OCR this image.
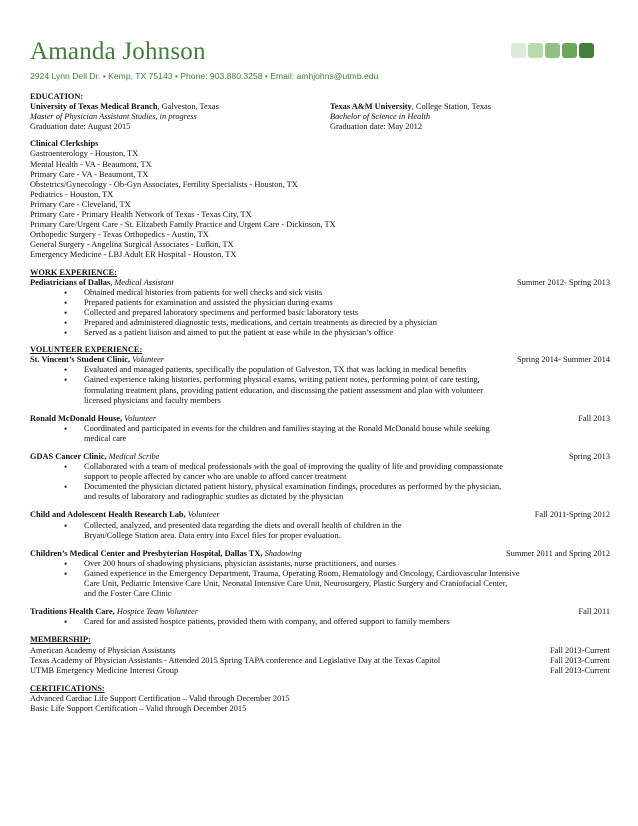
Amanda Johnson
2924 Lynn Dell Dr. • Kemp, TX 75143 • Phone: 903.880.3258 • Email: amhjohns@utmb.edu
EDUCATION:
University of Texas Medical Branch, Galveston, Texas	Texas A&M University, College Station, Texas
Master of Physician Assistant Studies, in progress	Bachelor of Science in Health
Graduation date: August 2015	Graduation date: May 2012
Clinical Clerkships
Gastroenterology - Houston, TX
Mental Health - VA - Beaumont, TX
Primary Care - VA - Beaumont, TX
Obstetrics/Gynecology - Ob-Gyn Associates, Fertility Specialists - Houston, TX
Pediatrics - Houston, TX
Primary Care - Cleveland, TX
Primary Care - Primary Health Network of Texas - Texas City, TX
Primary Care/Urgent Care - St. Elizabeth Family Practice and Urgent Care - Dickinson, TX
Orthopedic Surgery - Texas Orthopedics - Austin, TX
General Surgery - Angelina Surgical Associates - Lufkin, TX
Emergency Medicine - LBJ Adult ER Hospital - Houston, TX
WORK EXPERIENCE:
Pediatricians of Dallas, Medical Assistant	Summer 2012- Spring 2013
• Obtained medical histories from patients for well checks and sick visits
• Prepared patients for examination and assisted the physician during exams
• Collected and prepared laboratory specimens and performed basic laboratory tests
• Prepared and administered diagnostic tests, medications, and certain treatments as directed by a physician
• Served as a patient liaison and aimed to put the patient at ease while in the physician’s office
VOLUNTEER EXPERIENCE:
St. Vincent’s Student Clinic, Volunteer	Spring 2014- Summer 2014
• Evaluated and managed patients, specifically the population of Galveston, TX that was lacking in medical benefits
• Gained experience taking histories, performing physical exams, writing patient notes, performing point of care testing, formulating treatment plans, providing patient education, and discussing the patient assessment and plan with volunteer licensed physicians and faculty members
Ronald McDonald House, Volunteer	Fall 2013
• Coordinated and participated in events for the children and families staying at the Ronald McDonald house while seeking medical care
GDAS Cancer Clinic, Medical Scribe	Spring 2013
• Collaborated with a team of medical professionals with the goal of improving the quality of life and providing compassionate support to people affected by cancer who are unable to afford cancer treatment
• Documented the physician dictated patient history, physical examination findings, procedures as performed by the physician, and results of laboratory and radiographic studies as dictated by the physician
Child and Adolescent Health Research Lab, Volunteer	Fall 2011-Spring 2012
• Collected, analyzed, and presented data regarding the diets and overall health of children in the Bryan/College Station area. Data entry into Excel files for proper evaluation.
Children’s Medical Center and Presbyterian Hospital, Dallas TX, Shadowing	Summer 2011 and Spring 2012
• Over 200 hours of shadowing physicians, physician assistants, nurse practitioners, and nurses
• Gained experience in the Emergency Department, Trauma, Operating Room, Hematology and Oncology, Cardiovascular Intensive Care Unit, Pediatric Intensive Care Unit, Neonatal Intensive Care Unit, Neurosurgery, Plastic Surgery and Craniofacial Center, and the Foster Care Clinic
Traditions Health Care, Hospice Team Volunteer	Fall 2011
• Cared for and assisted hospice patients, provided them with company, and offered support to family members
MEMBERSHIP:
American Academy of Physician Assistants	Fall 2013-Current
Texas Academy of Physician Assistants - Attended 2015 Spring TAPA conference and Legislative Day at the Texas Capitol	Fall 2013-Current
UTMB Emergency Medicine Interest Group	Fall 2013-Current
CERTIFICATIONS:
Advanced Cardiac Life Support Certification – Valid through December 2015
Basic Life Support Certification – Valid through December 2015
